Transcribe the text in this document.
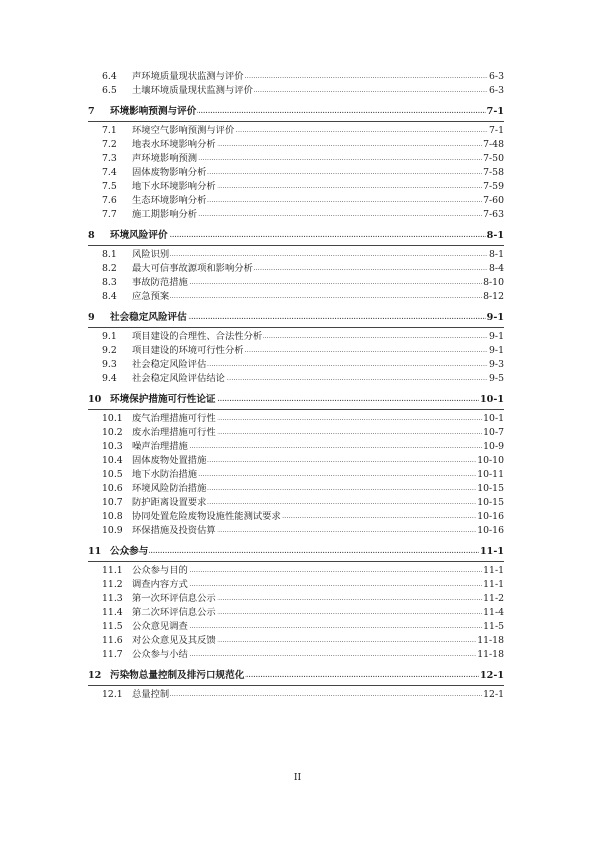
.....
6.4 声环境质量现状监测与评价	6-3
.....
6.5 土壤环境质量现状监测与评价	6-3
.....
7 环境影响预测与评价	7-1
.....
7.1 环境空气影响预测与评价	7-1
.....
7.2 地表水环境影响分析	7-48
.....
7.3 声环境影响预测	7-50
.....
7.4 固体废物影响分析	7-58
.....
7.5 地下水环境影响分析	7-59
.....
7.6 生态环境影响分析	7-60
.....
7.7 施工期影响分析	7-63
.....
8 环境风险评价	8-1
.....
8.1 风险识别	8-1
.....
8.2 最大可信事故源项和影响分析	8-4
.....
8.3 事故防范措施	8-10
.....
8.4 应急预案	8-12
.....
9 社会稳定风险评估	9-1
.....
9.1 项目建设的合理性、合法性分析	9-1
.....
9.2 项目建设的环境可行性分析	9-1
.....
9.3 社会稳定风险评估	9-3
.....
9.4 社会稳定风险评估结论	9-5
.....
10 环境保护措施可行性论证	10-1
.....
10.1 废气治理措施可行性	10-1
.....
10.2 废水治理措施可行性	10-7
.....
10.3 噪声治理措施	10-9
.....
10.4 固体废物处置措施	10-10
.....
10.5 地下水防治措施	10-11
.....
10.6 环境风险防治措施	10-15
.....
10.7 防护距离设置要求	10-15
.....
10.8 协同处置危险废物设施性能测试要求	10-16
.....
10.9 环保措施及投资估算	10-16
.....
11 公众参与	11-1
.....
11.1 公众参与目的	11-1
.....
11.2 调查内容方式	11-1
.....
11.3 第一次环评信息公示	11-2
.....
11.4 第二次环评信息公示	11-4
.....
11.5 公众意见调查	11-5
.....
11.6 对公众意见及其反馈	11-18
.....
11.7 公众参与小结	11-18
.....
12 污染物总量控制及排污口规范化	12-1
.....
12.1 总量控制	12-1
II
